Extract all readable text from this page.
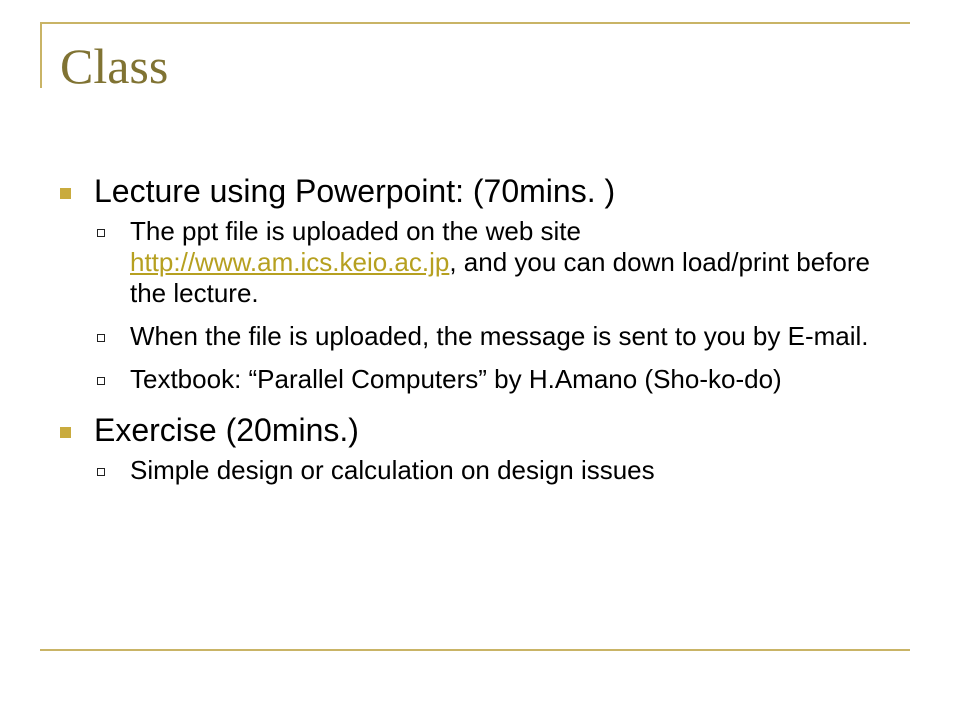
Class
Lecture using Powerpoint: (70mins. )
The ppt file is uploaded on the web site http://www.am.ics.keio.ac.jp, and you can down load/print before the lecture.
When the file is uploaded, the message is sent to you by E-mail.
Textbook: “Parallel Computers” by H.Amano (Sho-ko-do)
Exercise (20mins.)
Simple design or calculation on design issues
